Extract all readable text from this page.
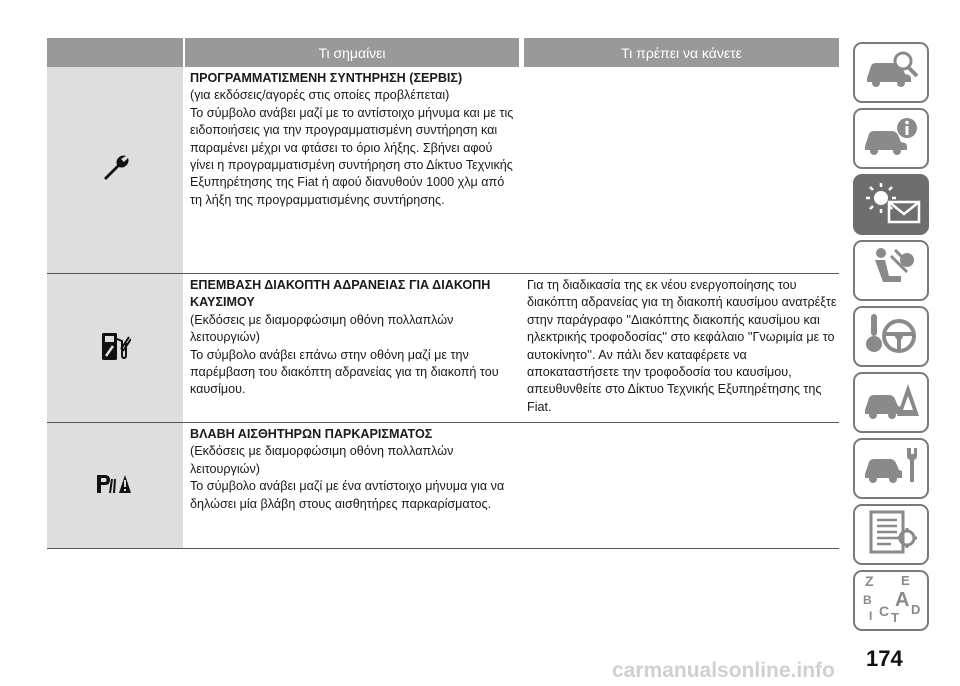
Τι σημαίνει	Τι πρέπει να κάνετε
ΠΡΟΓΡΑΜΜΑΤΙΣΜΕΝΗ ΣΥΝΤΗΡΗΣΗ (ΣΕΡΒΙΣ)
(για εκδόσεις/αγορές στις οποίες προβλέπεται)
Το σύμβολο ανάβει μαζί με το αντίστοιχο μήνυμα και με τις ειδοποιήσεις για την προγραμματισμένη συντήρηση και παραμένει μέχρι να φτάσει το όριο λήξης. Σβήνει αφού γίνει η προγραμματισμένη συντήρηση στο Δίκτυο Τεχνικής Εξυπηρέτησης της Fiat ή αφού διανυθούν 1000 χλμ από τη λήξη της προγραμματισμένης συντήρησης.
ΕΠΕΜΒΑΣΗ ΔΙΑΚΟΠΤΗ ΑΔΡΑΝΕΙΑΣ ΓΙΑ ΔΙΑΚΟΠΗ ΚΑΥΣΙΜΟΥ
(Εκδόσεις με διαμορφώσιμη οθόνη πολλαπλών λειτουργιών)
Το σύμβολο ανάβει επάνω στην οθόνη μαζί με την παρέμβαση του διακόπτη αδρανείας για τη διακοπή του καυσίμου.
Για τη διαδικασία της εκ νέου ενεργοποίησης του διακόπτη αδρανείας για τη διακοπή καυσίμου ανατρέξτε στην παράγραφο ''Διακόπτης διακοπής καυσίμου και ηλεκτρικής τροφοδοσίας'' στο κεφάλαιο ''Γνωριμία με το αυτοκίνητο''. Αν πάλι δεν καταφέρετε να αποκαταστήσετε την τροφοδοσία του καυσίμου, απευθυνθείτε στο Δίκτυο Τεχνικής Εξυπηρέτησης της Fiat.
ΒΛΑΒΗ ΑΙΣΘΗΤΗΡΩΝ ΠΑΡΚΑΡΙΣΜΑΤΟΣ
(Εκδόσεις με διαμορφώσιμη οθόνη πολλαπλών λειτουργιών)
Το σύμβολο ανάβει μαζί με ένα αντίστοιχο μήνυμα για να δηλώσει μία βλάβη στους αισθητήρες παρκαρίσματος.
Z E
B A
C D
T
I
174
carmanualsonline.info
